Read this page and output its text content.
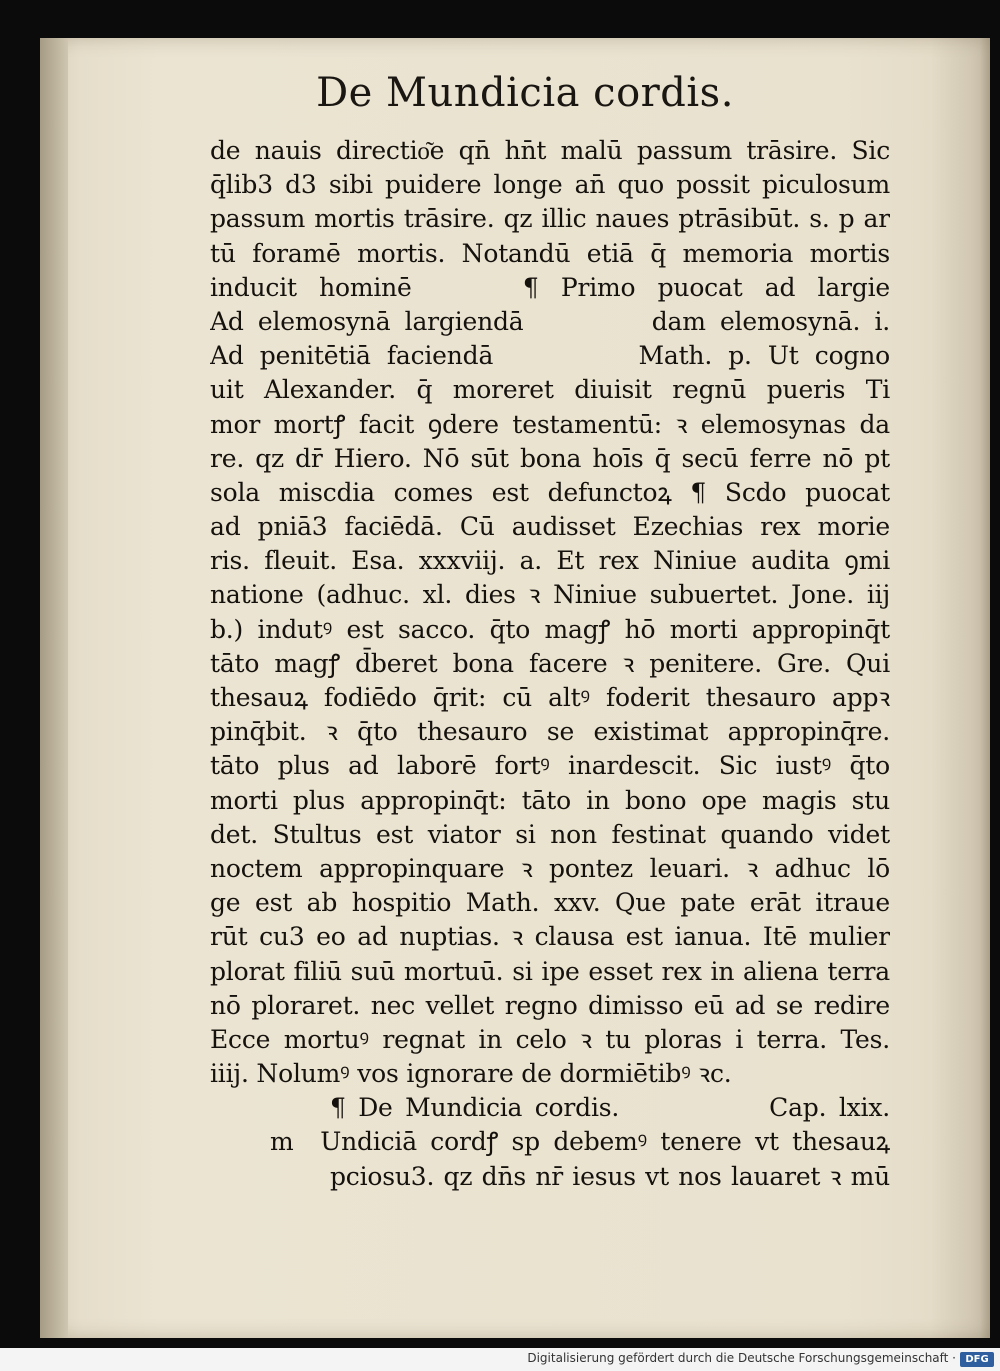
De Mundicia cordis.
de nauis directio͂e qn̄ hn̄t malū passum trāsire. Sic
q̄lib3 d3 sibi puidere longe an̄ quo possit piculosum
passum mortis trāsire. qz illic naues ptrāsibūt. s. p ar
tū foramē mortis. Notandū etiā q̄ memoria mortis
inducit hominē     ¶ Primo puocat ad largie
Ad elemosynā largiendā         dam elemosynā. i.
Ad penitētiā faciendā         Math. p. Ut cogno
uit Alexander. q̄ moreret diuisit regnū pueris Ti
mor mortꝭ facit ꝯdere testamentū: ꝛ elemosynas da
re. qz dr̄ Hiero. Nō sūt bona hoīs q̄ secū ferre nō pt
sola miscdia comes est defunctoꝝ ¶ Scdo puocat
ad pniā3 faciēdā. Cū audisset Ezechias rex morie
ris. fleuit. Esa. xxxviij. a. Et rex Niniue audita ꝯmi
natione (adhuc. xl. dies ꝛ Niniue subuertet. Jone. iij
b.) indutꝰ est sacco. q̄to magꝭ hō morti appropinq̄t
tāto magꝭ d̄beret bona facere ꝛ penitere. Gre. Qui
thesauꝝ fodiēdo q̄rit: cū altꝰ foderit thesauro appꝛ
pinq̄bit. ꝛ q̄to thesauro se existimat appropinq̄re.
tāto plus ad laborē fortꝰ inardescit. Sic iustꝰ q̄to
morti plus appropinq̄t: tāto in bono ope magis stu
det. Stultus est viator si non festinat quando videt
noctem appropinquare ꝛ pontez leuari. ꝛ adhuc lō
ge est ab hospitio Math. xxv. Que pate erāt itraue
rūt cu3 eo ad nuptias. ꝛ clausa est ianua. Itē mulier
plorat filiū suū mortuū. si ipe esset rex in aliena terra
nō ploraret. nec vellet regno dimisso eū ad se redire
Ecce mortuꝰ regnat in celo ꝛ tu ploras i terra. Tes.
iiij. Nolumꝰ vos ignorare de dormiētibꝰ ꝛc.
¶ De Mundicia cordis.            Cap. lxix.
m  Undiciā cordꝭ sp debemꝰ tenere vt thesauꝝ
pciosu3. qz dn̄s nr̄ iesus vt nos lauaret ꝛ mū
Digitalisierung gefördert durch die Deutsche Forschungsgemeinschaft · DFG
